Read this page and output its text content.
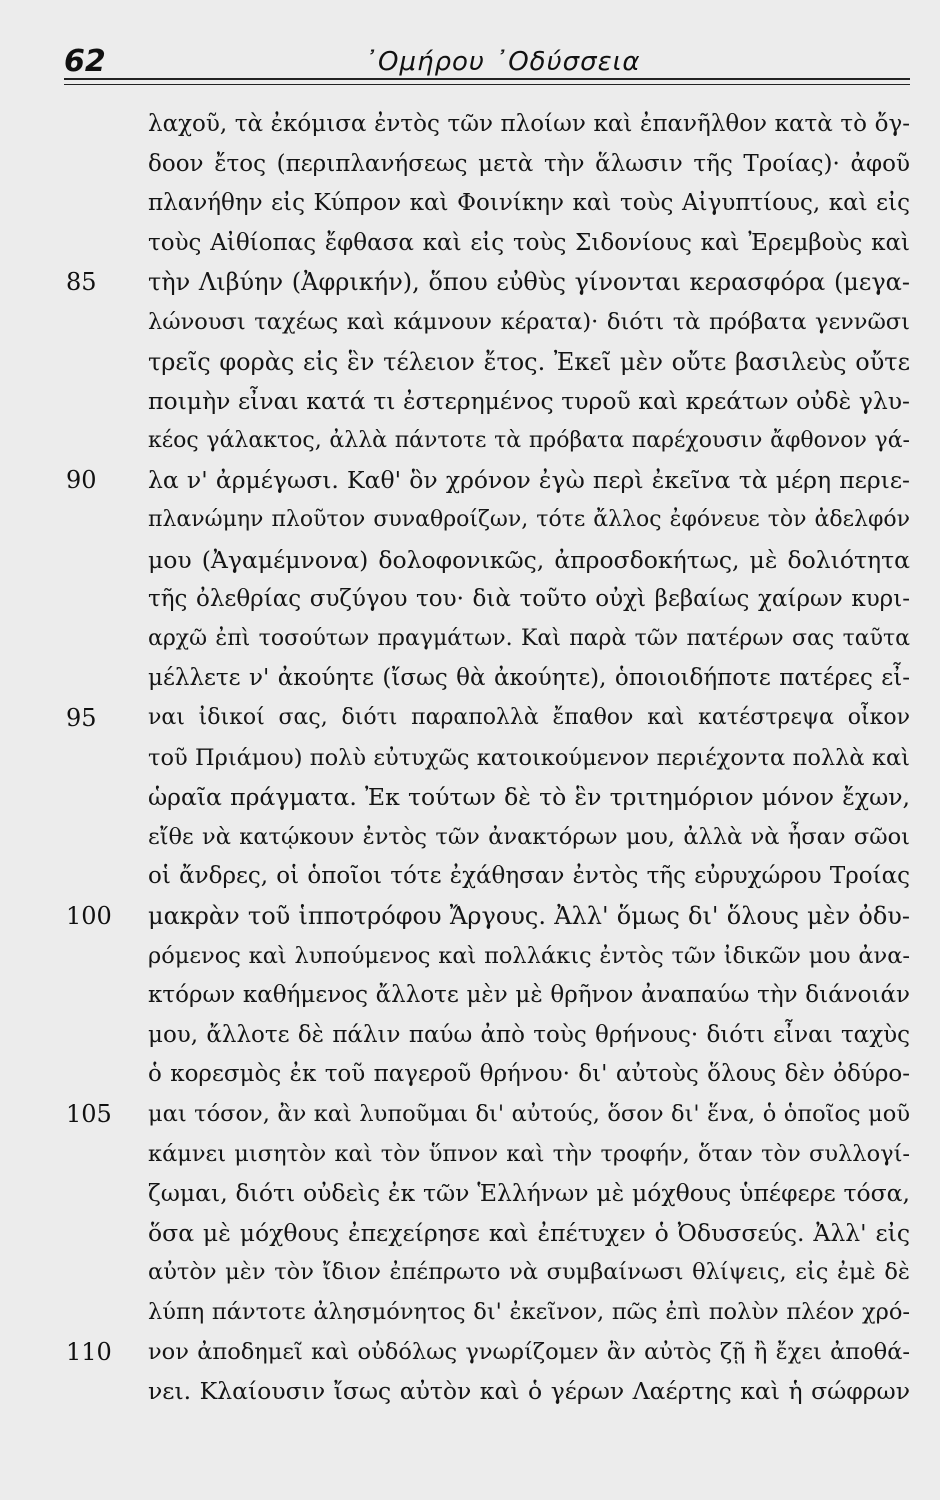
62	᾿Ομήρου ᾿Οδύσσεια
λαχοῦ, τὰ ἐκόμισα ἐντὸς τῶν πλοίων καὶ ἐπανῆλθον κατὰ τὸ ὄγ-
δοον ἔτος (περιπλανήσεως μετὰ τὴν ἅλωσιν τῆς Τροίας)· ἀφοῦ
πλανήθην εἰς Κύπρον καὶ Φοινίκην καὶ τοὺς Αἰγυπτίους, καὶ εἰς
τοὺς Αἰθίοπας ἔφθασα καὶ εἰς τοὺς Σιδονίους καὶ Ἐρεμβοὺς καὶ
85	τὴν Λιβύην (Ἀφρικήν), ὅπου εὐθὺς γίνονται κερασφόρα (μεγα-
λώνουσι ταχέως καὶ κάμνουν κέρατα)· διότι τὰ πρόβατα γεννῶσι
τρεῖς φορὰς εἰς ἓν τέλειον ἔτος. Ἐκεῖ μὲν οὔτε βασιλεὺς οὔτε
ποιμὴν εἶναι κατά τι ἐστερημένος τυροῦ καὶ κρεάτων οὐδὲ γλυ-
κέος γάλακτος, ἀλλὰ πάντοτε τὰ πρόβατα παρέχουσιν ἄφθονον γά-
90	λα ν' ἀρμέγωσι. Καθ' ὃν χρόνον ἐγὼ περὶ ἐκεῖνα τὰ μέρη περιε-
πλανώμην πλοῦτον συναθροίζων, τότε ἄλλος ἐφόνευε τὸν ἀδελφόν
μου (Ἀγαμέμνονα) δολοφονικῶς, ἀπροσδοκήτως, μὲ δολιότητα
τῆς ὀλεθρίας συζύγου του· διὰ τοῦτο οὐχὶ βεβαίως χαίρων κυρι-
αρχῶ ἐπὶ τοσούτων πραγμάτων. Καὶ παρὰ τῶν πατέρων σας ταῦτα
μέλλετε ν' ἀκούητε (ἴσως θὰ ἀκούητε), ὁποιοιδήποτε πατέρες εἶ-
95	ναι ἰδικοί σας, διότι παραπολλὰ ἔπαθον καὶ κατέστρεψα οἶκον
τοῦ Πριάμου) πολὺ εὐτυχῶς κατοικούμενον περιέχοντα πολλὰ καὶ
ὡραῖα πράγματα. Ἐκ τούτων δὲ τὸ ἓν τριτημόριον μόνον ἔχων,
εἴθε νὰ κατῴκουν ἐντὸς τῶν ἀνακτόρων μου, ἀλλὰ νὰ ἦσαν σῶοι
οἱ ἄνδρες, οἱ ὁποῖοι τότε ἐχάθησαν ἐντὸς τῆς εὐρυχώρου Τροίας
100	μακρὰν τοῦ ἱπποτρόφου Ἄργους. Ἀλλ' ὅμως δι' ὅλους μὲν ὀδυ-
ρόμενος καὶ λυπούμενος καὶ πολλάκις ἐντὸς τῶν ἰδικῶν μου ἀνα-
κτόρων καθήμενος ἄλλοτε μὲν μὲ θρῆνον ἀναπαύω τὴν διάνοιάν
μου, ἄλλοτε δὲ πάλιν παύω ἀπὸ τοὺς θρήνους· διότι εἶναι ταχὺς
ὁ κορεσμὸς ἐκ τοῦ παγεροῦ θρήνου· δι' αὐτοὺς ὅλους δὲν ὀδύρο-
105	μαι τόσον, ἂν καὶ λυποῦμαι δι' αὐτούς, ὅσον δι' ἕνα, ὁ ὁποῖος μοῦ
κάμνει μισητὸν καὶ τὸν ὕπνον καὶ τὴν τροφήν, ὅταν τὸν συλλογί-
ζωμαι, διότι οὐδεὶς ἐκ τῶν Ἑλλήνων μὲ μόχθους ὑπέφερε τόσα,
ὅσα μὲ μόχθους ἐπεχείρησε καὶ ἐπέτυχεν ὁ Ὀδυσσεύς. Ἀλλ' εἰς
αὐτὸν μὲν τὸν ἴδιον ἐπέπρωτο νὰ συμβαίνωσι θλίψεις, εἰς ἐμὲ δὲ
λύπη πάντοτε ἀλησμόνητος δι' ἐκεῖνον, πῶς ἐπὶ πολὺν πλέον χρό-
110	νον ἀποδημεῖ καὶ οὐδόλως γνωρίζομεν ἂν αὐτὸς ζῇ ἢ ἔχει ἀποθά-
νει. Κλαίουσιν ἴσως αὐτὸν καὶ ὁ γέρων Λαέρτης καὶ ἡ σώφρων
